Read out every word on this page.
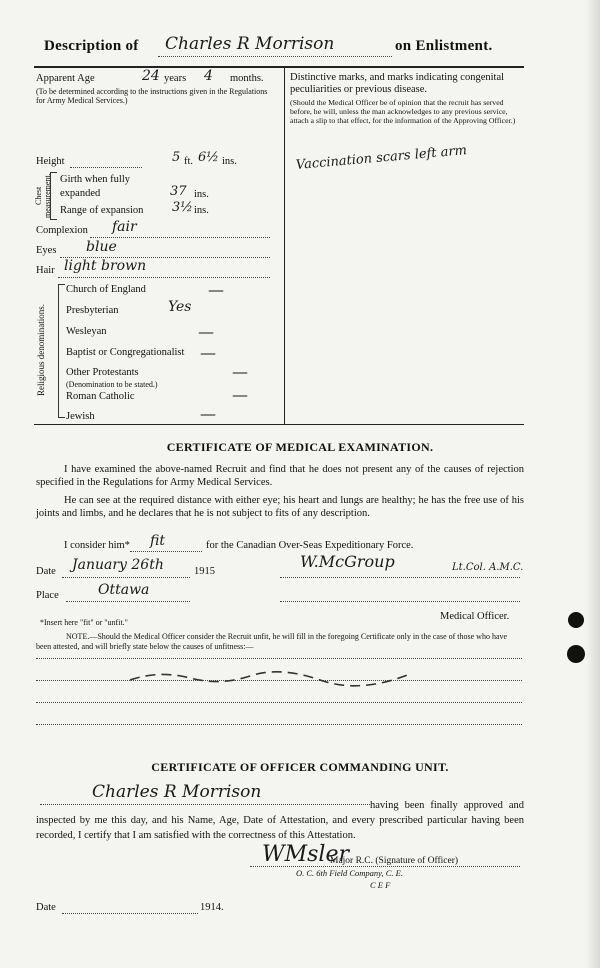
Description of Charles R Morrison	on Enlistment.
Apparent Age	24 years 4 months.
(To be determined according to the instructions given in the Regulations for Army Medical Services.)
Distinctive marks, and marks indicating congenital peculiarities or previous disease.
(Should the Medical Officer be of opinion that the recruit has served before, he will, unless the man acknowledges to any previous service, attach a slip to that effect, for the information of the Approving Officer.)
Vaccination scars left arm
Height	5 ft. 6½ ins.
Chest measurement. Girth when fully expanded	37 ins.
Range of expansion 3½ ins.
Complexion fair
Eyes blue
Hair light brown
Religious denominations.
Church of England	—
Presbyterian	Yes
Wesleyan	—
Baptist or Congregationalist —
Other Protestants	—
(Denomination to be stated.)
Roman Catholic	—
Jewish	—
CERTIFICATE OF MEDICAL EXAMINATION.
I have examined the above-named Recruit and find that he does not present any of the causes of rejection specified in the Regulations for Army Medical Services.
He can see at the required distance with either eye; his heart and lungs are healthy; he has the free use of his joints and limbs, and he declares that he is not subject to fits of any description.
I consider him* fit	for the Canadian Over-Seas Expeditionary Force.
Date January 26th	1915
W.McGroup	Lt.Col. A.M.C.
Place	Ottawa
Medical Officer.
*Insert here "fit" or "unfit."
NOTE.—Should the Medical Officer consider the Recruit unfit, he will fill in the foregoing Certificate only in the case of those who have been attested, and will briefly state below the causes of unfitness:—
CERTIFICATE OF OFFICER COMMANDING UNIT.
Charles R Morrison
having been finally approved and inspected by me this day, and his Name, Age, Date of Attestation, and every prescribed particular having been recorded, I certify that I am satisfied with the correctness of this Attestation.
WMsler
Major R.C. (Signature of Officer)
O. C. 6th Field Company, C. E.
C E F
Date	1914.
